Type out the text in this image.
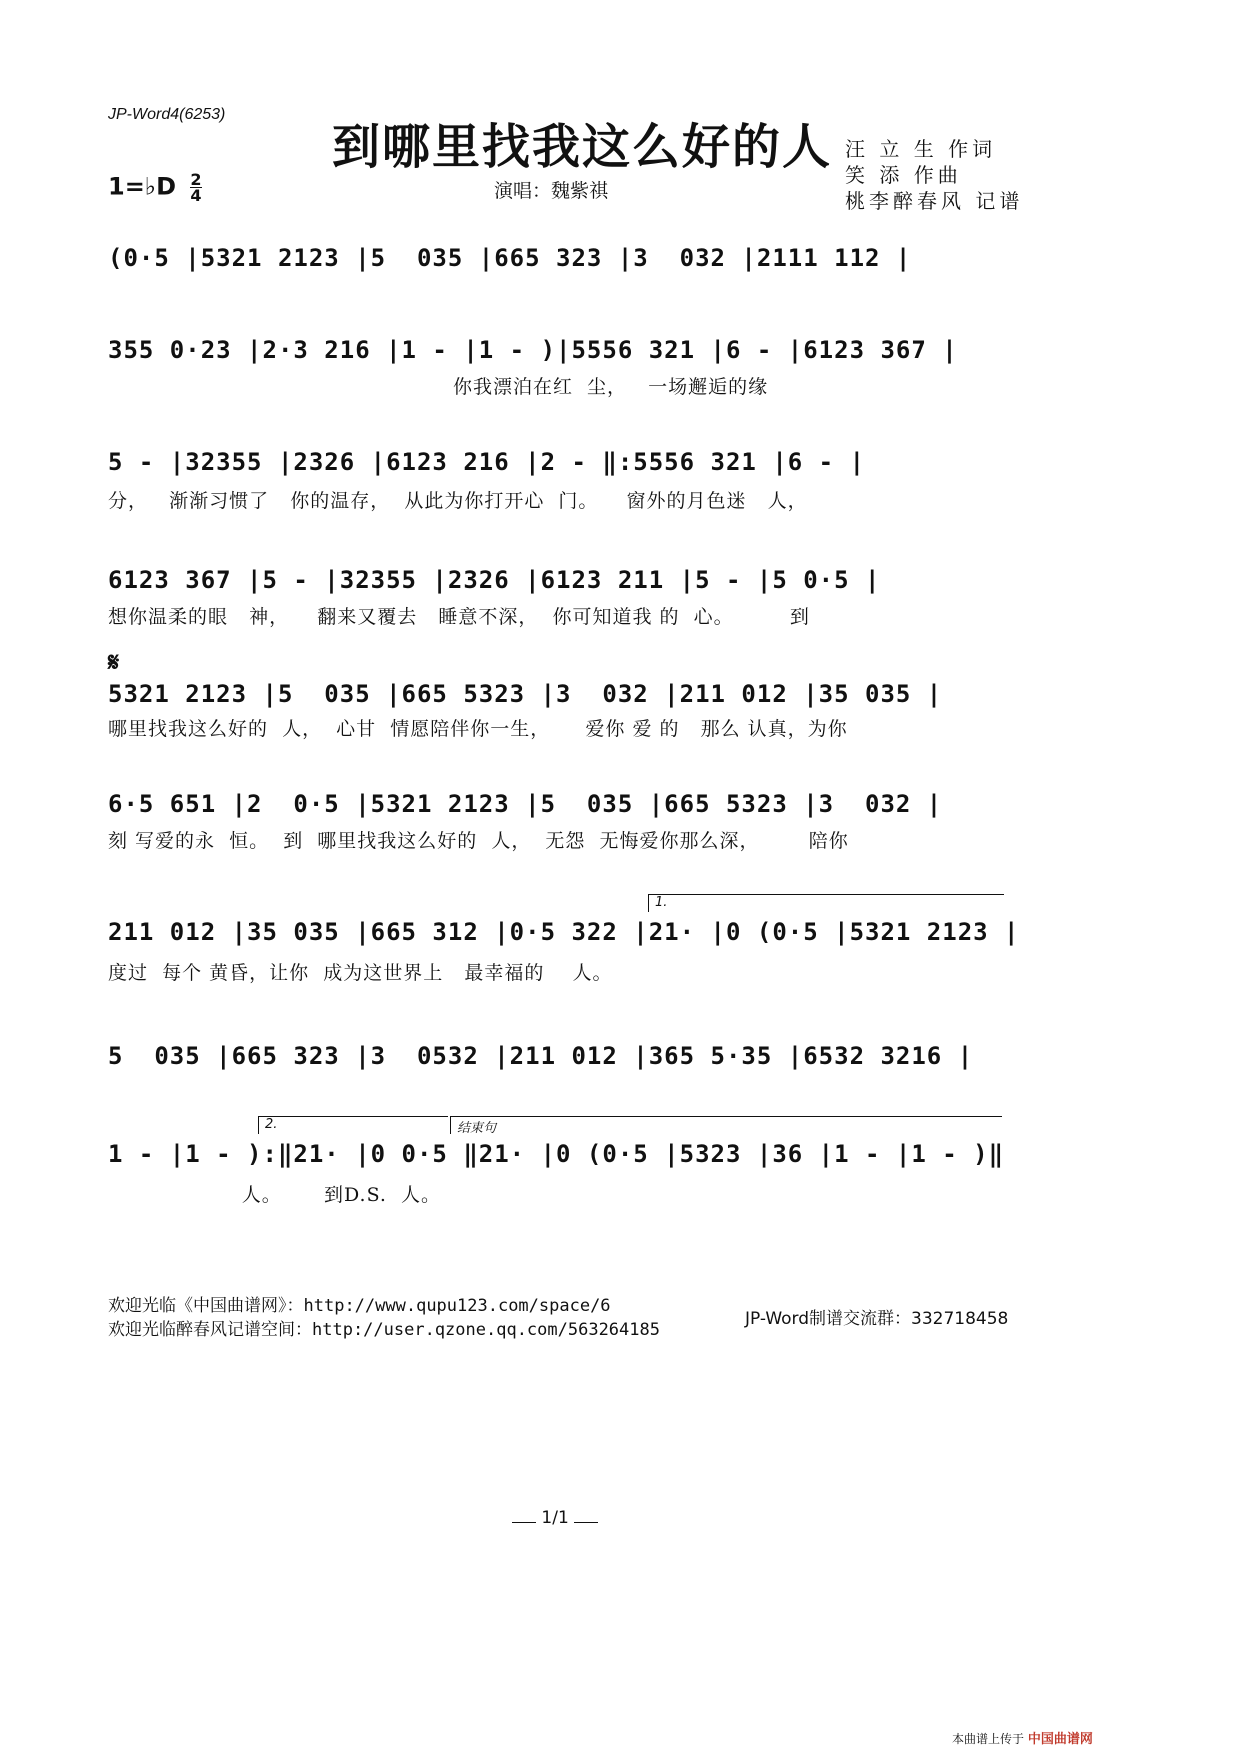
JP-Word4(6253)
到哪里找我这么好的人 汪 立 生 作词
笑 添 作曲
桃李醉春风 记谱
1=♭D $\frac{2}{4}$	演唱：魏紫祺
(0·5 |5321 2123 |5  035 |665 323 |3  032 |2111 112 |
355 0·23 |2·3 216 |1 - |1 - )|5556 321 |6 - |6123 367 |
你我漂泊在红  尘，   一场邂逅的缘
5 - |32355 |2326 |6123 216 |2 - ‖:5556 321 |6 - |
分，   渐渐习惯了   你的温存，  从此为你打开心  门。    窗外的月色迷   人，
6123 367 |5 - |32355 |2326 |6123 211 |5 - |5 0·5 |
想你温柔的眼   神，    翻来又覆去   睡意不深，  你可知道我 的  心。        到
𝄋
5321 2123 |5  035 |665 5323 |3  032 |211 012 |35 035 |
哪里找我这么好的  人，  心甘  情愿陪伴你一生，     爱你 爱 的   那么 认真，为你
6·5 651 |2  0·5 |5321 2123 |5  035 |665 5323 |3  032 |
刻 写爱的永  恒。  到  哪里找我这么好的  人，  无怨  无悔爱你那么深，       陪你
1.
211 012 |35 035 |665 312 |0·5 322 |21· |0 (0·5 |5321 2123 |
度过  每个 黄昏，让你  成为这世界上   最幸福的    人。
5  035 |665 323 |3  0532 |211 012 |365 5·35 |6532 3216 |
2.	结束句
1 - |1 - ):‖21· |0 0·5 ‖21· |0 (0·5 |5323 |36 |1 - |1 - )‖
人。      到D.S.  人。
欢迎光临《中国曲谱网》：http://www.qupu123.com/space/6
欢迎光临醉春风记谱空间：http://user.qzone.qq.com/563264185
JP-Word制谱交流群：332718458
1/1
本曲谱上传于 中国曲谱网
